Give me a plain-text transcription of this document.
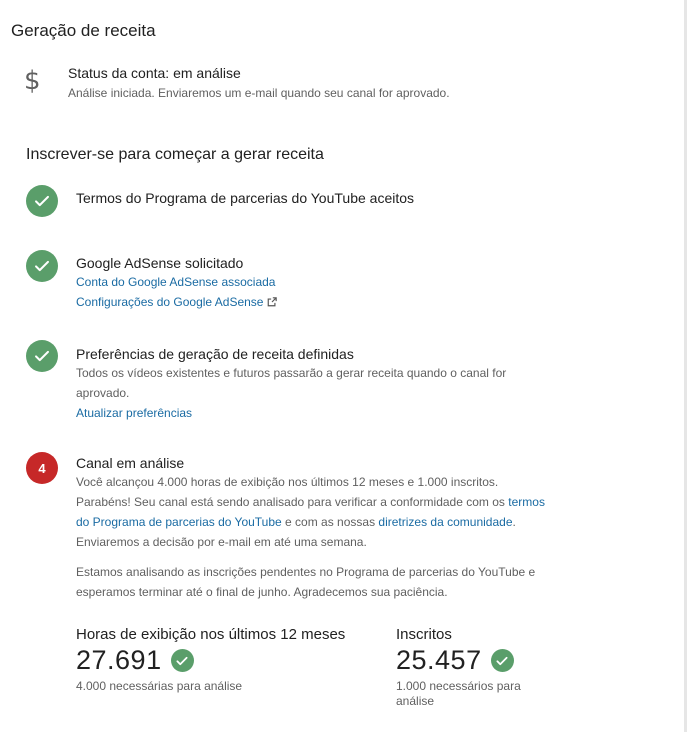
Geração de receita
$ Status da conta: em análise
Análise iniciada. Enviaremos um e-mail quando seu canal for aprovado.
Inscrever-se para começar a gerar receita
Termos do Programa de parcerias do YouTube aceitos
Google AdSense solicitado
Conta do Google AdSense associada
Configurações do Google AdSense
Preferências de geração de receita definidas
Todos os vídeos existentes e futuros passarão a gerar receita quando o canal for aprovado.
Atualizar preferências
4	Canal em análise
Você alcançou 4.000 horas de exibição nos últimos 12 meses e 1.000 inscritos. Parabéns! Seu canal está sendo analisado para verificar a conformidade com os termos do Programa de parcerias do YouTube e com as nossas diretrizes da comunidade. Enviaremos a decisão por e-mail em até uma semana.
Estamos analisando as inscrições pendentes no Programa de parcerias do YouTube e esperamos terminar até o final de junho. Agradecemos sua paciência.
Horas de exibição nos últimos 12 meses
27.691
4.000 necessárias para análise
Inscritos
25.457
1.000 necessários para análise
